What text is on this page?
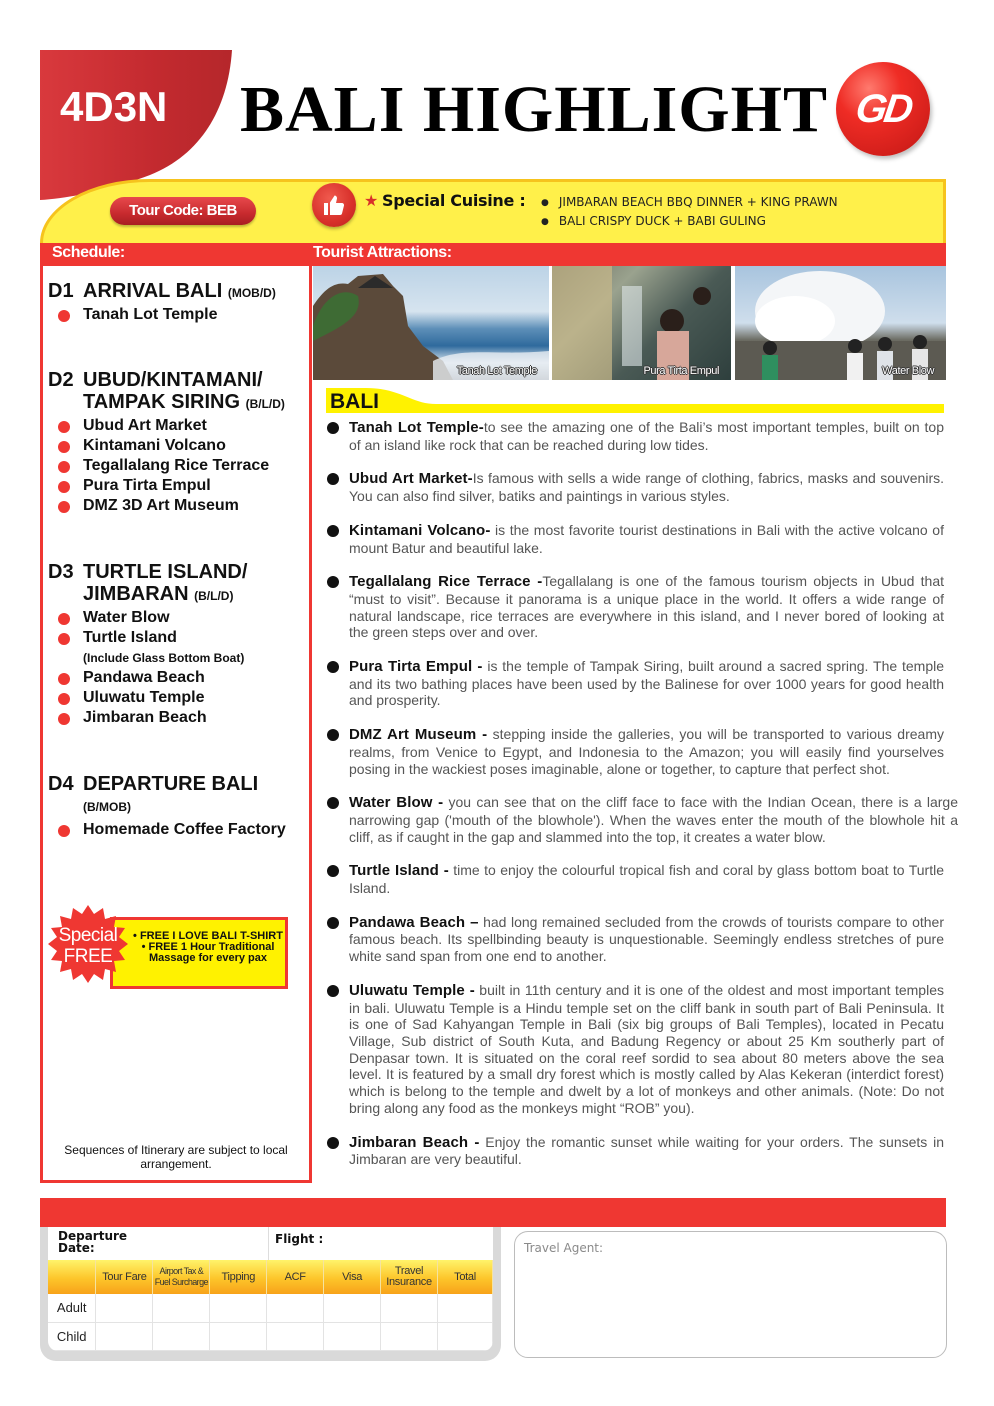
4D3N BALI HIGHLIGHT GD
Tour Code: BEB
★ Special Cuisine :	● JIMBARAN BEACH BBQ DINNER + KING PRAWN
● BALI CRISPY DUCK + BABI GULING
Schedule:	Tourist Attractions:
D1 ARRIVAL BALI (MOB/D)
Tanah Lot Temple
D2 UBUD/KINTAMANI/
TAMPAK SIRING (B/L/D)
Ubud Art Market
Kintamani Volcano
Tegallalang Rice Terrace
Pura Tirta Empul
DMZ 3D Art Museum
D3 TURTLE ISLAND/
JIMBARAN (B/L/D)
Water Blow
Turtle Island
(Include Glass Bottom Boat)
Pandawa Beach
Uluwatu Temple
Jimbaran Beach
D4 DEPARTURE BALI
(B/MOB)
Homemade Coffee Factory
Special
FREE
• FREE I LOVE BALI T-SHIRT
• FREE 1 Hour Traditional
Massage for every pax
Sequences of Itinerary are subject to local arrangement.
Tanah Lot Temple	Pura Tirta Empul	Water Blow
BALI
Tanah Lot Temple-to see the amazing one of the Bali’s most important temples, built on top of an island like rock that can be reached during low tides.
Ubud Art Market-Is famous with sells a wide range of clothing, fabrics, masks and souvenirs. You can also find silver, batiks and paintings in various styles.
Kintamani Volcano- is the most favorite tourist destinations in Bali with the active volcano of mount Batur and beautiful lake.
Tegallalang Rice Terrace -Tegallalang is one of the famous tourism objects in Ubud that “must to visit”. Because it panorama is a unique place in the world. It offers a wide range of natural landscape, rice terraces are everywhere in this island, and I never bored of looking at the green steps over and over.
Pura Tirta Empul - is the temple of Tampak Siring, built around a sacred spring. The temple and its two bathing places have been used by the Balinese for over 1000 years for good health and prosperity.
DMZ Art Museum - stepping inside the galleries, you will be transported to various dreamy realms, from Venice to Egypt, and Indonesia to the Amazon; you will easily find yourselves posing in the wackiest poses imaginable, alone or together, to capture that perfect shot.
Water Blow - you can see that on the cliff face to face with the Indian Ocean, there is a large narrowing gap ('mouth of the blowhole'). When the waves enter the mouth of the blowhole hit a cliff, as if caught in the gap and slammed into the top, it creates a water blow.
Turtle Island - time to enjoy the colourful tropical fish and coral by glass bottom boat to Turtle Island.
Pandawa Beach – had long remained secluded from the crowds of tourists compare to other famous beach. Its spellbinding beauty is unquestionable. Seemingly endless stretches of pure white sand span from one end to another.
Uluwatu Temple - built in 11th century and it is one of the oldest and most important temples in bali. Uluwatu Temple is a Hindu temple set on the cliff bank in south part of Bali Peninsula. It is one of Sad Kahyangan Temple in Bali (six big groups of Bali Temples), located in Pecatu Village, Sub district of South Kuta, and Badung Regency or about 25 Km southerly part of Denpasar town. It is situated on the coral reef sordid to sea about 80 meters above the sea level. It is featured by a small dry forest which is mostly called by Alas Kekeran (interdict forest) which is belong to the temple and dwelt by a lot of monkeys and other animals. (Note: Do not bring along any food as the monkeys might “ROB” you).
Jimbaran Beach - Enjoy the romantic sunset while waiting for your orders. The sunsets in Jimbaran are very beautiful.
Departure Date:
Flight :
	Tour Fare	Airport Tax & Fuel Surcharge	Tipping	ACF	Visa	Travel Insurance	Total
Adult							
Child							
Travel Agent:
